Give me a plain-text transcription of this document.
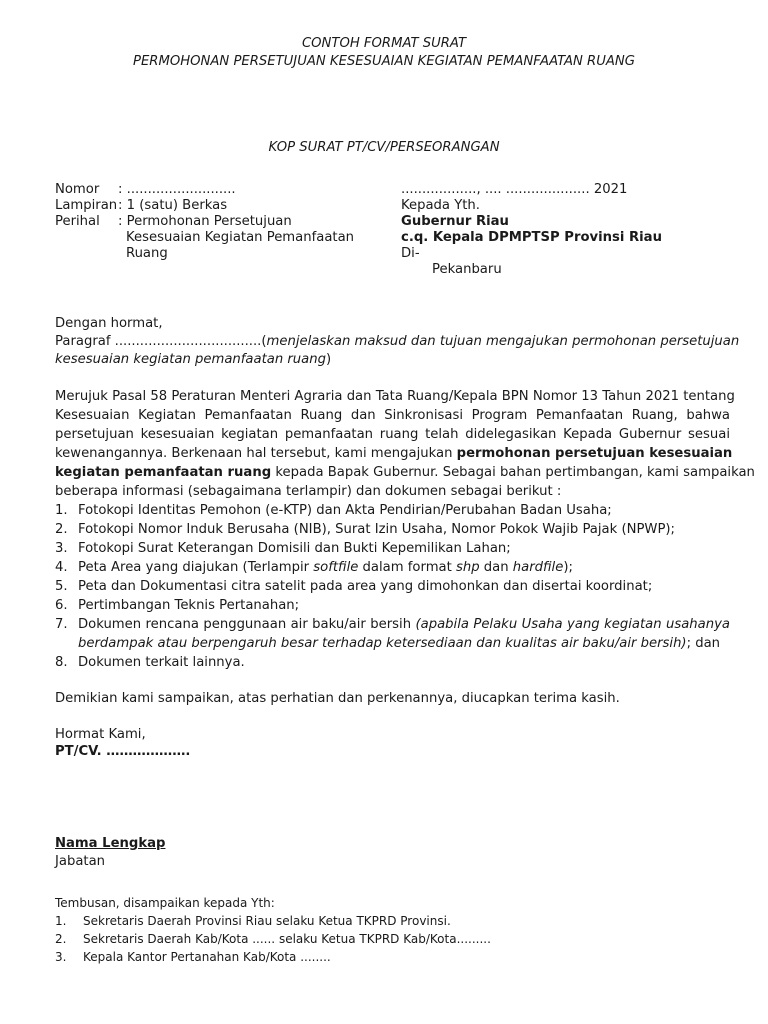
CONTOH FORMAT SURAT
PERMOHONAN PERSETUJUAN KESESUAIAN KEGIATAN PEMANFAATAN RUANG
KOP SURAT PT/CV/PERSEORANGAN
Nomor : ..........................
Lampiran : 1 (satu) Berkas
Perihal : Permohonan Persetujuan
Kesesuaian Kegiatan Pemanfaatan
Ruang
.................., .... .................... 2021
Kepada Yth.
Gubernur Riau
c.q. Kepala DPMPTSP Provinsi Riau
Di-
Pekanbaru
Dengan hormat,
Paragraf ...................................(menjelaskan maksud dan tujuan mengajukan permohonan persetujuan
kesesuaian kegiatan pemanfaatan ruang)
Merujuk Pasal 58 Peraturan Menteri Agraria dan Tata Ruang/Kepala BPN Nomor 13 Tahun 2021 tentang
Kesesuaian Kegiatan Pemanfaatan Ruang dan Sinkronisasi Program Pemanfaatan Ruang, bahwa
persetujuan kesesuaian kegiatan pemanfaatan ruang telah didelegasikan Kepada Gubernur sesuai
kewenangannya. Berkenaan hal tersebut, kami mengajukan permohonan persetujuan kesesuaian
kegiatan pemanfaatan ruang kepada Bapak Gubernur. Sebagai bahan pertimbangan, kami sampaikan
beberapa informasi (sebagaimana terlampir) dan dokumen sebagai berikut :
1. Fotokopi Identitas Pemohon (e-KTP) dan Akta Pendirian/Perubahan Badan Usaha;
2. Fotokopi Nomor Induk Berusaha (NIB), Surat Izin Usaha, Nomor Pokok Wajib Pajak (NPWP);
3. Fotokopi Surat Keterangan Domisili dan Bukti Kepemilikan Lahan;
4. Peta Area yang diajukan (Terlampir softfile dalam format shp dan hardfile);
5. Peta dan Dokumentasi citra satelit pada area yang dimohonkan dan disertai koordinat;
6. Pertimbangan Teknis Pertanahan;
7. Dokumen rencana penggunaan air baku/air bersih (apabila Pelaku Usaha yang kegiatan usahanya
berdampak atau berpengaruh besar terhadap ketersediaan dan kualitas air baku/air bersih); dan
8. Dokumen terkait lainnya.
Demikian kami sampaikan, atas perhatian dan perkenannya, diucapkan terima kasih.
Hormat Kami,
PT/CV. ……………….
Nama Lengkap
Jabatan
Tembusan, disampaikan kepada Yth:
1. Sekretaris Daerah Provinsi Riau selaku Ketua TKPRD Provinsi.
2. Sekretaris Daerah Kab/Kota ...... selaku Ketua TKPRD Kab/Kota.........
3. Kepala Kantor Pertanahan Kab/Kota ........
